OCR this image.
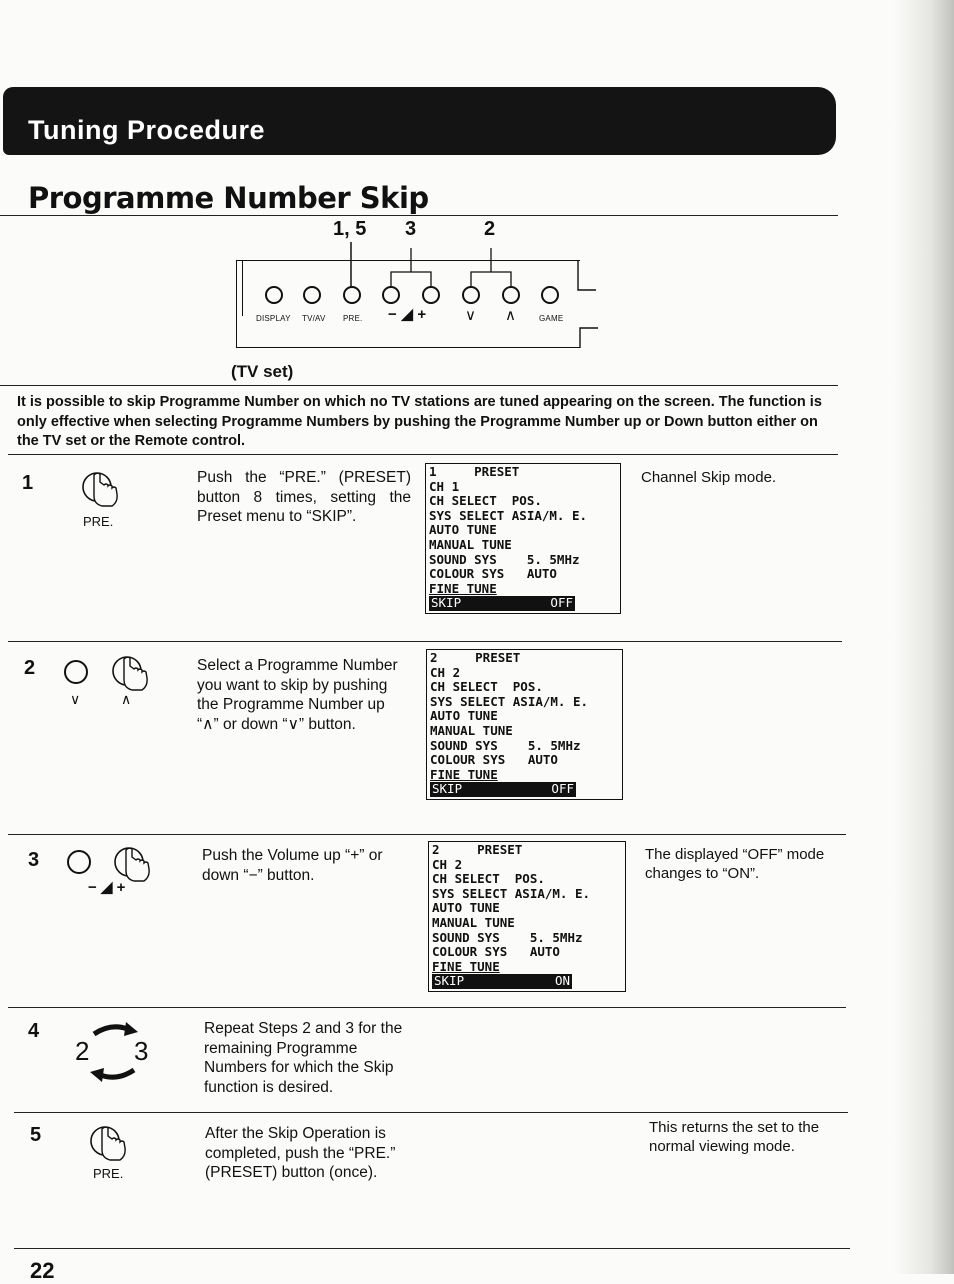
Tuning Procedure
Programme Number Skip
1, 5 3	2
DISPLAY TV/AV PRE. − ◢ +	∨ ∧	GAME
(TV set)
It is possible to skip Programme Number on which no TV stations are tuned appearing on the screen. The function is only effective when selecting Programme Numbers by pushing the Programme Number up or Down button either on the TV set or the Remote control.
1
PRE.
Push the “PRE.” (PRESET) button 8 times, setting the Preset menu to “SKIP”.
1     PRESET
CH 1
CH SELECT  POS.
SYS SELECT ASIA/M. E.
AUTO TUNE
MANUAL TUNE
SOUND SYS    5. 5MHz
COLOUR SYS   AUTO
FINE TUNE
SKIP	OFF
Channel Skip mode.
2
∨	∧
Select a Programme Number you want to skip by pushing the Programme Number up “∧” or down “∨” button.
2     PRESET
CH 2
CH SELECT  POS.
SYS SELECT ASIA/M. E.
AUTO TUNE
MANUAL TUNE
SOUND SYS    5. 5MHz
COLOUR SYS   AUTO
FINE TUNE
SKIP	OFF
3
− ◢ +
Push the Volume up “+” or down “−” button.
2     PRESET
CH 2
CH SELECT  POS.
SYS SELECT ASIA/M. E.
AUTO TUNE
MANUAL TUNE
SOUND SYS    5. 5MHz
COLOUR SYS   AUTO
FINE TUNE
SKIP	ON
The displayed “OFF” mode changes to “ON”.
4
2 3
Repeat Steps 2 and 3 for the remaining Programme Numbers for which the Skip function is desired.
5
PRE.
After the Skip Operation is completed, push the “PRE.” (PRESET) button (once).
This returns the set to the normal viewing mode.
22
